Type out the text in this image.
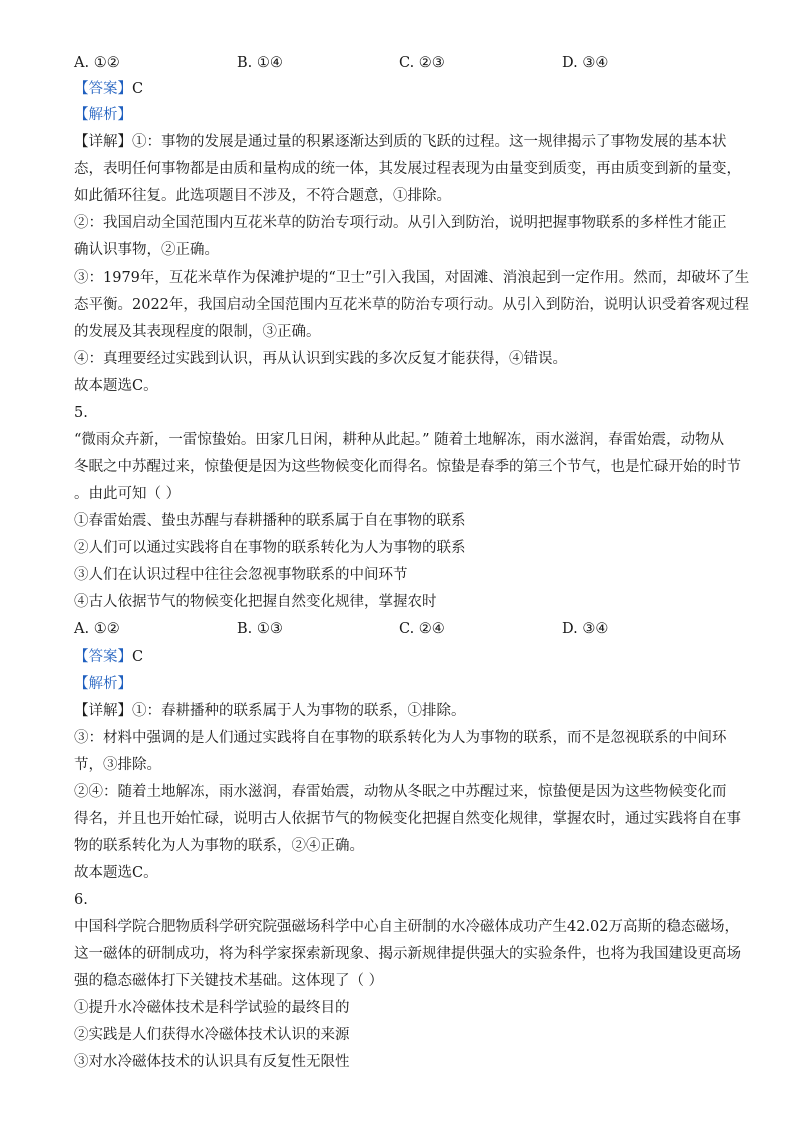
A. ①②	B. ①④	C. ②③	D. ③④
【答案】C
【解析】
【详解】①：事物的发展是通过量的积累逐渐达到质的飞跃的过程。这一规律揭示了事物发展的基本状
态，表明任何事物都是由质和量构成的统一体，其发展过程表现为由量变到质变，再由质变到新的量变，
如此循环往复。此选项题目不涉及，不符合题意，①排除。
②：我国启动全国范围内互花米草的防治专项行动。从引入到防治，说明把握事物联系的多样性才能正
确认识事物，②正确。
③：1979年，互花米草作为保滩护堤的“卫士”引入我国，对固滩、消浪起到一定作用。然而，却破坏了生
态平衡。2022年，我国启动全国范围内互花米草的防治专项行动。从引入到防治，说明认识受着客观过程
的发展及其表现程度的限制，③正确。
④：真理要经过实践到认识，再从认识到实践的多次反复才能获得，④错误。
故本题选C。
5.
“微雨众卉新，一雷惊蛰始。田家几日闲，耕种从此起。” 随着土地解冻，雨水滋润，春雷始震，动物从
冬眠之中苏醒过来，惊蛰便是因为这些物候变化而得名。惊蛰是春季的第三个节气，也是忙碌开始的时节
。由此可知（ ）
①春雷始震、蛰虫苏醒与春耕播种的联系属于自在事物的联系
②人们可以通过实践将自在事物的联系转化为人为事物的联系
③人们在认识过程中往往会忽视事物联系的中间环节
④古人依据节气的物候变化把握自然变化规律，掌握农时
A. ①②	B. ①③	C. ②④	D. ③④
【答案】C
【解析】
【详解】①：春耕播种的联系属于人为事物的联系，①排除。
③：材料中强调的是人们通过实践将自在事物的联系转化为人为事物的联系，而不是忽视联系的中间环
节，③排除。
②④：随着土地解冻，雨水滋润，春雷始震，动物从冬眠之中苏醒过来，惊蛰便是因为这些物候变化而
得名，并且也开始忙碌，说明古人依据节气的物候变化把握自然变化规律，掌握农时，通过实践将自在事
物的联系转化为人为事物的联系，②④正确。
故本题选C。
6.
中国科学院合肥物质科学研究院强磁场科学中心自主研制的水冷磁体成功产生42.02万高斯的稳态磁场，
这一磁体的研制成功，将为科学家探索新现象、揭示新规律提供强大的实验条件，也将为我国建设更高场
强的稳态磁体打下关键技术基础。这体现了（ ）
①提升水冷磁体技术是科学试验的最终目的
②实践是人们获得水冷磁体技术认识的来源
③对水冷磁体技术的认识具有反复性无限性
